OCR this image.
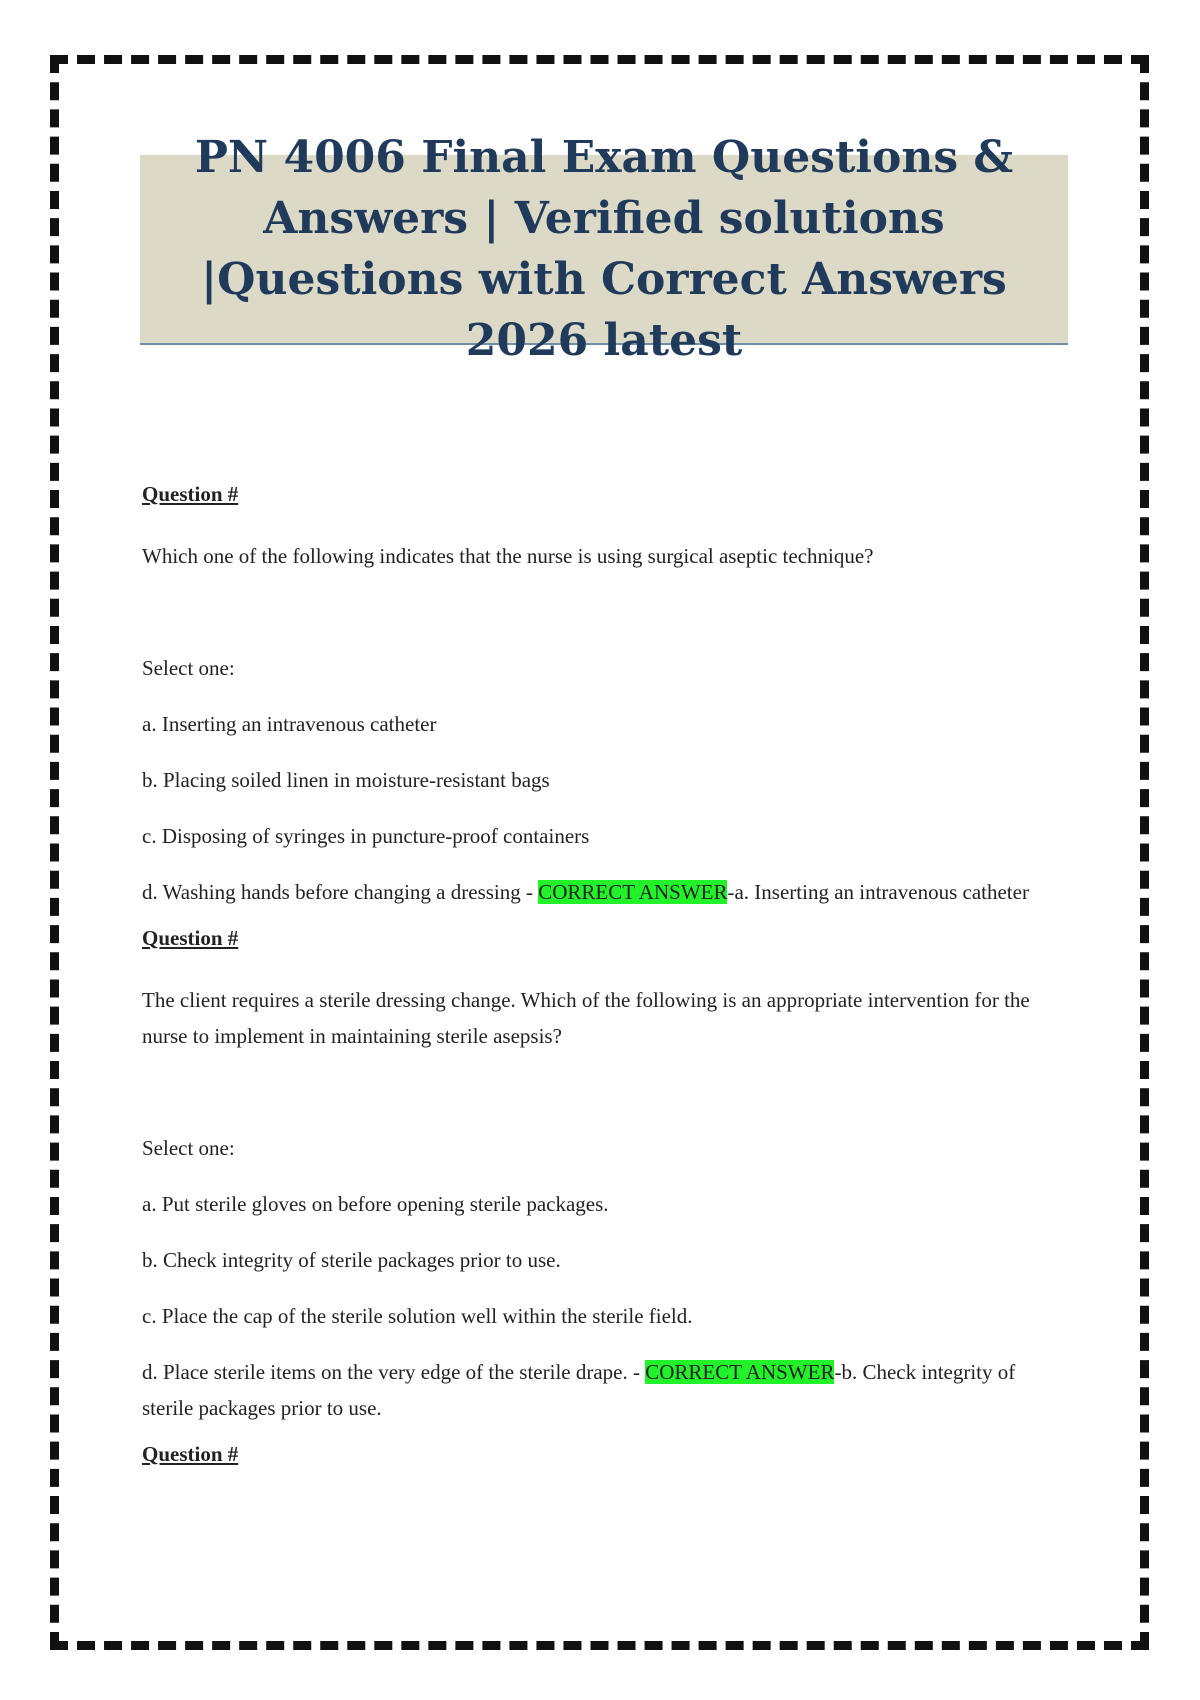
PN 4006 Final Exam Questions & Answers | Verified solutions |Questions with Correct Answers 2026 latest

Question #

Which one of the following indicates that the nurse is using surgical aseptic technique?

Select one:

a. Inserting an intravenous catheter

b. Placing soiled linen in moisture-resistant bags

c. Disposing of syringes in puncture-proof containers

d. Washing hands before changing a dressing - CORRECT ANSWER-a. Inserting an intravenous catheter

Question #

The client requires a sterile dressing change. Which of the following is an appropriate intervention for the nurse to implement in maintaining sterile asepsis?

Select one:

a. Put sterile gloves on before opening sterile packages.

b. Check integrity of sterile packages prior to use.

c. Place the cap of the sterile solution well within the sterile field.

d. Place sterile items on the very edge of the sterile drape. - CORRECT ANSWER-b. Check integrity of sterile packages prior to use.

Question #
